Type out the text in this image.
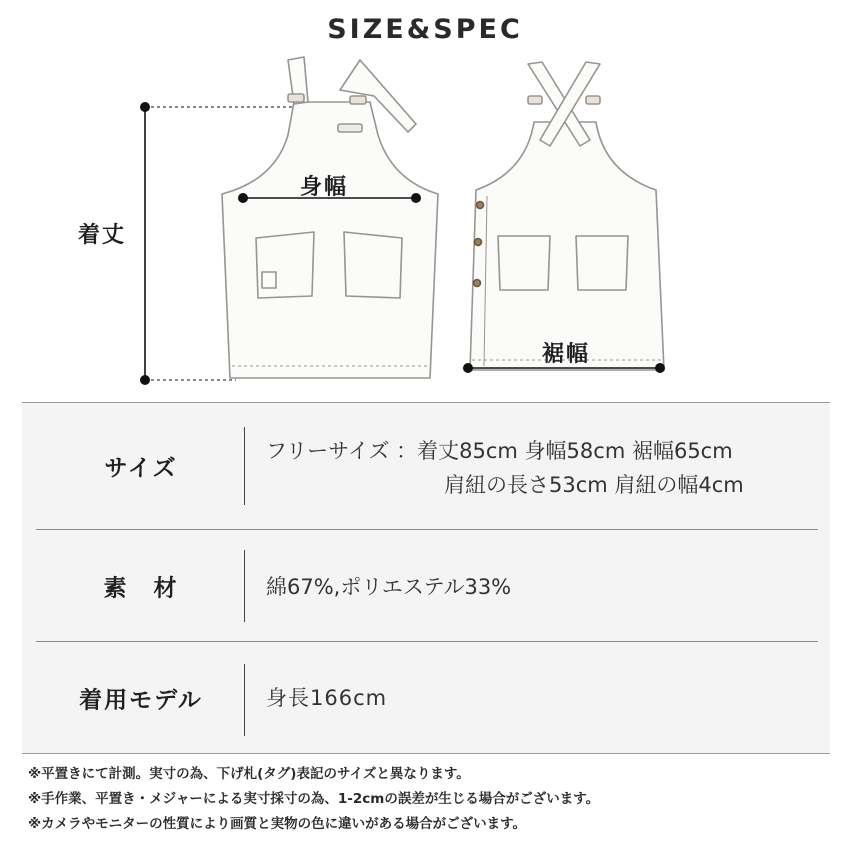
SIZE&SPEC
着丈
身幅
裾幅
サイズ
フリーサイズ ：着丈85cm 身幅58cm 裾幅65cm
肩紐の長さ53cm 肩紐の幅4cm
素　材	綿67%,ポリエステル33%
着用モデル	身長166cm
※平置きにて計測。実寸の為、下げ札(タグ)表記のサイズと異なります。
※手作業、平置き・メジャーによる実寸採寸の為、1-2cmの誤差が生じる場合がございます。
※カメラやモニターの性質により画質と実物の色に違いがある場合がございます。
